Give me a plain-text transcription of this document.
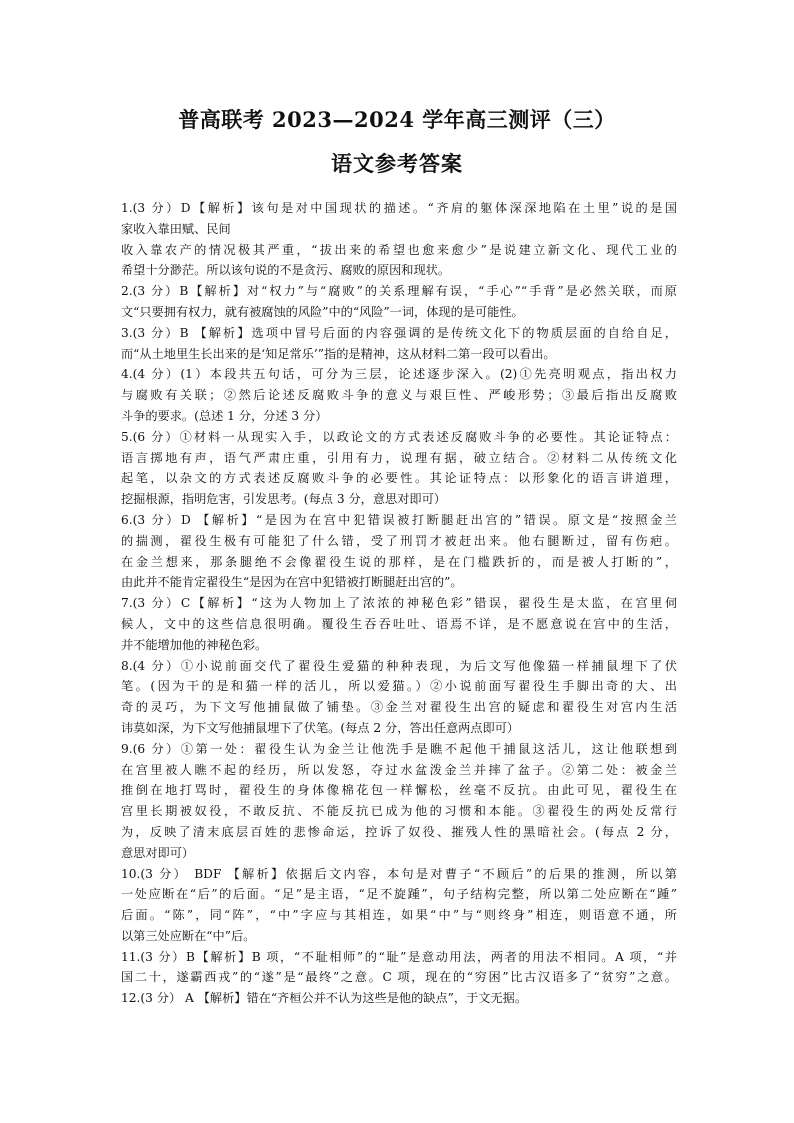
普高联考 2023—2024 学年高三测评（三）
语文参考答案
1.(3 分）D【解析】该句是对中国现状的描述。“齐肩的躯体深深地陷在土里”说的是国
家收入靠田赋、民间
收入靠农产的情况极其严重，“拔出来的希望也愈来愈少”是说建立新文化、现代工业的
希望十分渺茫。所以该句说的不是贪污、腐败的原因和现状。
2.(3 分）B【解析】对“权力”与“腐败”的关系理解有误，“手心”“手背”是必然关联，而原
文“只要拥有权力，就有被腐蚀的风险”中的“风险”一词，体现的是可能性。
3.(3 分）B 【解析】选项中冒号后面的内容强调的是传统文化下的物质层面的自给自足，
而“从土地里生长出来的是‘知足常乐’”指的是精神，这从材料二第一段可以看出。
4.(4 分）(1）本段共五句话，可分为三层，论述逐步深入。(2)①先亮明观点，指出权力
与腐败有关联；②然后论述反腐败斗争的意义与艰巨性、严峻形势；③最后指出反腐败
斗争的要求。(总述 1 分，分述 3 分）
5.(6 分）①材料一从现实入手，以政论文的方式表述反腐败斗争的必要性。其论证特点：
语言掷地有声，语气严肃庄重，引用有力，说理有据，破立结合。②材料二从传统文化
起笔，以杂文的方式表述反腐败斗争的必要性。其论证特点：以形象化的语言讲道理，
挖掘根源，指明危害，引发思考。(每点 3 分，意思对即可）
6.(3 分）D 【解析】“是因为在宫中犯错误被打断腿赶出宫的”错误。原文是“按照金兰
的揣测，翟役生极有可能犯了什么错，受了刑罚才被赶出来。他右腿断过，留有伤疤。
在金兰想来，那条腿绝不会像翟役生说的那样，是在门槛跌折的，而是被人打断的”，
由此并不能肯定翟役生“是因为在宫中犯错被打断腿赶出宫的”。
7.(3 分）C【解析】“这为人物加上了浓浓的神秘色彩”错误，翟役生是太监，在宫里伺
候人，文中的这些信息很明确。覆役生吞吞吐吐、语焉不详，是不愿意说在宫中的生活，
并不能增加他的神秘色彩。
8.(4 分）①小说前面交代了翟役生爱猫的种种表现，为后文写他像猫一样捕鼠埋下了伏
笔。(因为干的是和猫一样的活儿，所以爱猫。）②小说前面写翟役生手脚出奇的大、出
奇的灵巧，为下文写他捕鼠做了铺垫。③金兰对翟役生出宫的疑虑和翟役生对宫内生活
讳莫如深，为下文写他捕鼠埋下了伏笔。(每点 2 分，答出任意两点即可）
9.(6 分）①第一处：翟役生认为金兰让他洗手是瞧不起他干捕鼠这活儿，这让他联想到
在宫里被人瞧不起的经历，所以发怒，夺过水盆泼金兰并摔了盆子。②第二处：被金兰
推倒在地打骂时，翟役生的身体像棉花包一样懈松，丝毫不反抗。由此可见，翟役生在
宫里长期被奴役，不敢反抗、不能反抗已成为他的习惯和本能。③翟役生的两处反常行
为，反映了清末底层百姓的悲惨命运，控诉了奴役、摧残人性的黑暗社会。(每点 2 分，
意思对即可）
10.(3 分） BDF 【解析】依据后文内容，本句是对曹子“不顾后”的后果的推测，所以第
一处应断在“后”的后面。“足”是主语，“足不旋踵”，句子结构完整，所以第二处应断在“踵”
后面。“陈”，同“阵”，“中”字应与其相连，如果“中”与“则终身”相连，则语意不通，所
以第三处应断在“中”后。
11.(3 分）B【解析】B 项，“不耻相师”的“耻”是意动用法，两者的用法不相同。A 项，“并
国二十，遂霸西戎”的“遂”是“最终”之意。C 项，现在的“穷困”比古汉语多了“贫穷”之意。
12.(3 分） A 【解析】错在“齐桓公并不认为这些是他的缺点”，于文无据。
